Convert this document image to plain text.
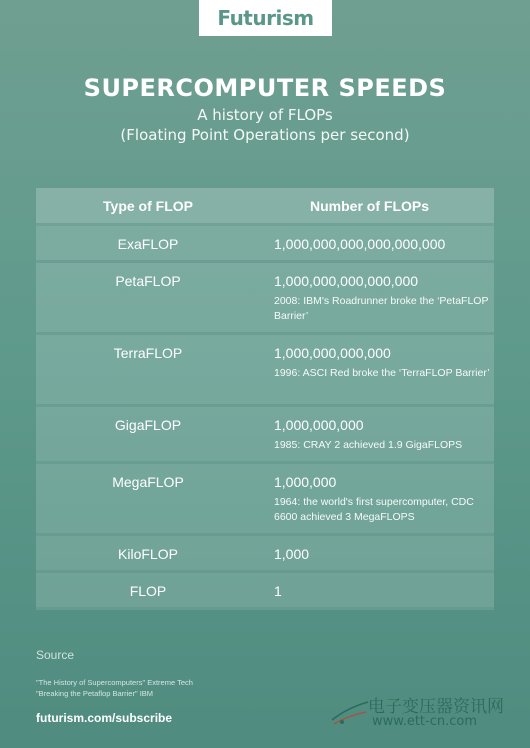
Futurism
SUPERCOMPUTER SPEEDS
A history of FLOPs
(Floating Point Operations per second)
Type of FLOP	Number of FLOPs
ExaFLOP	1,000,000,000,000,000,000
PetaFLOP	1,000,000,000,000,000
2008: IBM's Roadrunner broke the ‘PetaFLOP Barrier’
TerraFLOP	1,000,000,000,000
1996: ASCI Red broke the ‘TerraFLOP Barrier’
GigaFLOP	1,000,000,000
1985: CRAY 2 achieved 1.9 GigaFLOPS
MegaFLOP	1,000,000
1964: the world's first supercomputer, CDC 6600 achieved 3 MegaFLOPS
KiloFLOP	1,000
FLOP	1
Source
"The History of Supercomputers" Extreme Tech
"Breaking the Petaflop Barrier" IBM
futurism.com/subscribe
电子变压器资讯网
www.ett-cn.com
